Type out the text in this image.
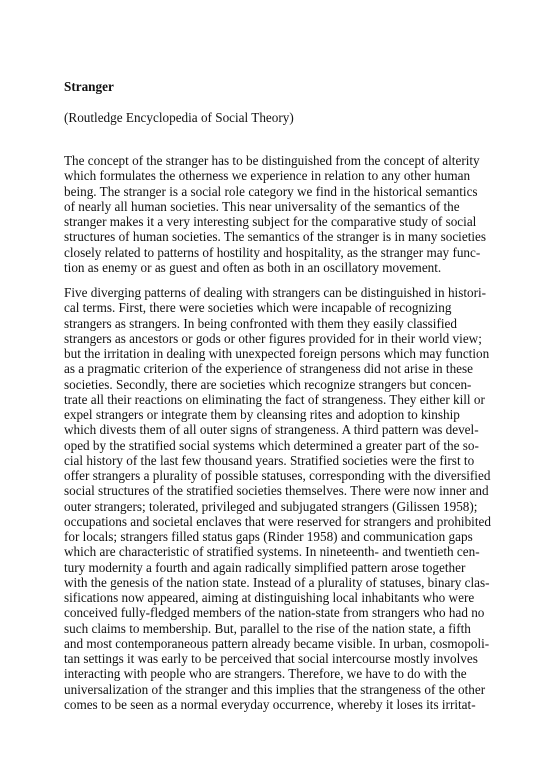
Stranger

(Routledge Encyclopedia of Social Theory)

The concept of the stranger has to be distinguished from the concept of alterity
which formulates the otherness we experience in relation to any other human
being. The stranger is a social role category we find in the historical semantics
of nearly all human societies. This near universality of the semantics of the
stranger makes it a very interesting subject for the comparative study of social
structures of human societies. The semantics of the stranger is in many societies
closely related to patterns of hostility and hospitality, as the stranger may func-
tion as enemy or as guest and often as both in an oscillatory movement.
Five diverging patterns of dealing with strangers can be distinguished in histori-
cal terms. First, there were societies which were incapable of recognizing
strangers as strangers. In being confronted with them they easily classified
strangers as ancestors or gods or other figures provided for in their world view;
but the irritation in dealing with unexpected foreign persons which may function
as a pragmatic criterion of the experience of strangeness did not arise in these
societies. Secondly, there are societies which recognize strangers but concen-
trate all their reactions on eliminating the fact of strangeness. They either kill or
expel strangers or integrate them by cleansing rites and adoption to kinship
which divests them of all outer signs of strangeness. A third pattern was devel-
oped by the stratified social systems which determined a greater part of the so-
cial history of the last few thousand years. Stratified societies were the first to
offer strangers a plurality of possible statuses, corresponding with the diversified
social structures of the stratified societies themselves. There were now inner and
outer strangers; tolerated, privileged and subjugated strangers (Gilissen 1958);
occupations and societal enclaves that were reserved for strangers and prohibited
for locals; strangers filled status gaps (Rinder 1958) and communication gaps
which are characteristic of stratified systems. In nineteenth- and twentieth cen-
tury modernity a fourth and again radically simplified pattern arose together
with the genesis of the nation state. Instead of a plurality of statuses, binary clas-
sifications now appeared, aiming at distinguishing local inhabitants who were
conceived fully-fledged members of the nation-state from strangers who had no
such claims to membership. But, parallel to the rise of the nation state, a fifth
and most contemporaneous pattern already became visible. In urban, cosmopoli-
tan settings it was early to be perceived that social intercourse mostly involves
interacting with people who are strangers. Therefore, we have to do with the
universalization of the stranger and this implies that the strangeness of the other
comes to be seen as a normal everyday occurrence, whereby it loses its irritat-
